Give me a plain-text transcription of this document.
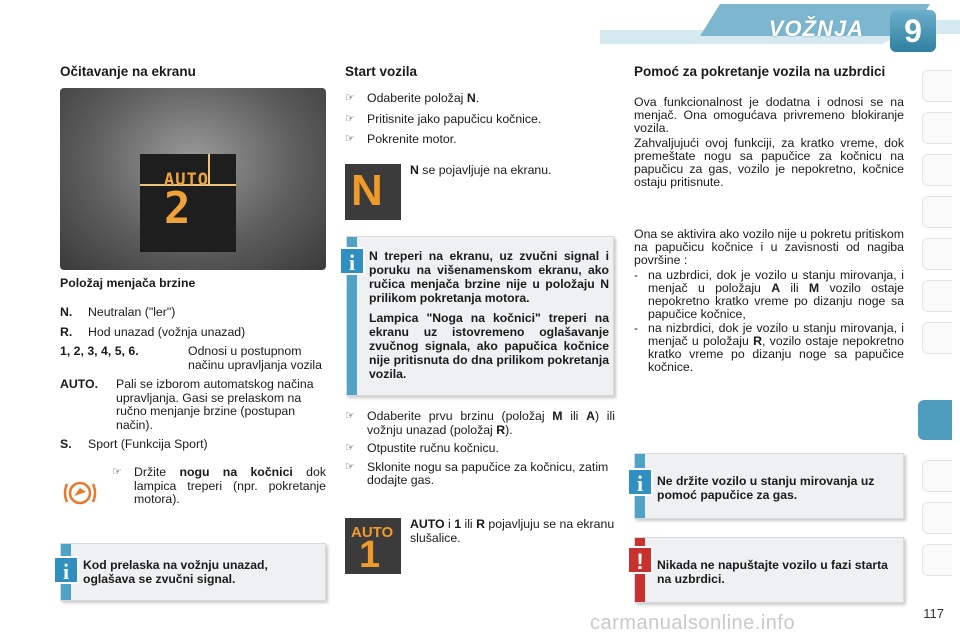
VOŽNJA	9
Očitavanje na ekranu
AUTO
2
Položaj menjača brzine
N.	Neutralan ("ler")
R.	Hod unazad (vožnja unazad)
1, 2, 3, 4, 5, 6.	Odnosi u postupnom načinu upravljanja vozila
AUTO.	Pali se izborom automatskog načina upravljanja. Gasi se prelaskom na ručno menjanje brzine (postupan način).
S.	Sport (Funkcija Sport)
☞ Držite nogu na kočnici dok lampica treperi (npr. pokretanje motora).
i	Kod prelaska na vožnju unazad, oglašava se zvučni signal.
Start vozila
☞ Odaberite položaj N.
☞ Pritisnite jako papučicu kočnice.
☞ Pokrenite motor.
N N se pojavljuje na ekranu.
i	N treperi na ekranu, uz zvučni signal i poruku na višenamenskom ekranu, ako ručica menjača brzine nije u položaju N prilikom pokretanja motora.
Lampica "Noga na kočnici" treperi na ekranu uz istovremeno oglašavanje zvučnog signala, ako papučica kočnice nije pritisnuta do dna prilikom pokretanja vozila.
☞ Odaberite prvu brzinu (položaj M ili A) ili vožnju unazad (položaj R).
☞ Otpustite ručnu kočnicu.
☞ Sklonite nogu sa papučice za kočnicu, zatim dodajte gas.
AUTO
1
AUTO i 1 ili R pojavljuju se na ekranu slušalice.
Pomoć za pokretanje vozila na uzbrdici
Ova funkcionalnost je dodatna i odnosi se na menjač. Ona omogućava privremeno blokiranje vozila.
Zahvaljujući ovoj funkciji, za kratko vreme, dok premeštate nogu sa papučice za kočnicu na papučicu za gas, vozilo je nepokretno, kočnice ostaju pritisnute.
Ona se aktivira ako vozilo nije u pokretu pritiskom na papučicu kočnice i u zavisnosti od nagiba površine :
- na uzbrdici, dok je vozilo u stanju mirovanja, i menjač u položaju A ili M vozilo ostaje nepokretno kratko vreme po dizanju noge sa papučice kočnice,
- na nizbrdici, dok je vozilo u stanju mirovanja, i menjač u položaju R, vozilo ostaje nepokretno kratko vreme po dizanju noge sa papučice kočnice.
i	Ne držite vozilo u stanju mirovanja uz pomoć papučice za gas.
!	Nikada ne napuštajte vozilo u fazi starta na uzbrdici.
117
carmanualsonline.info
